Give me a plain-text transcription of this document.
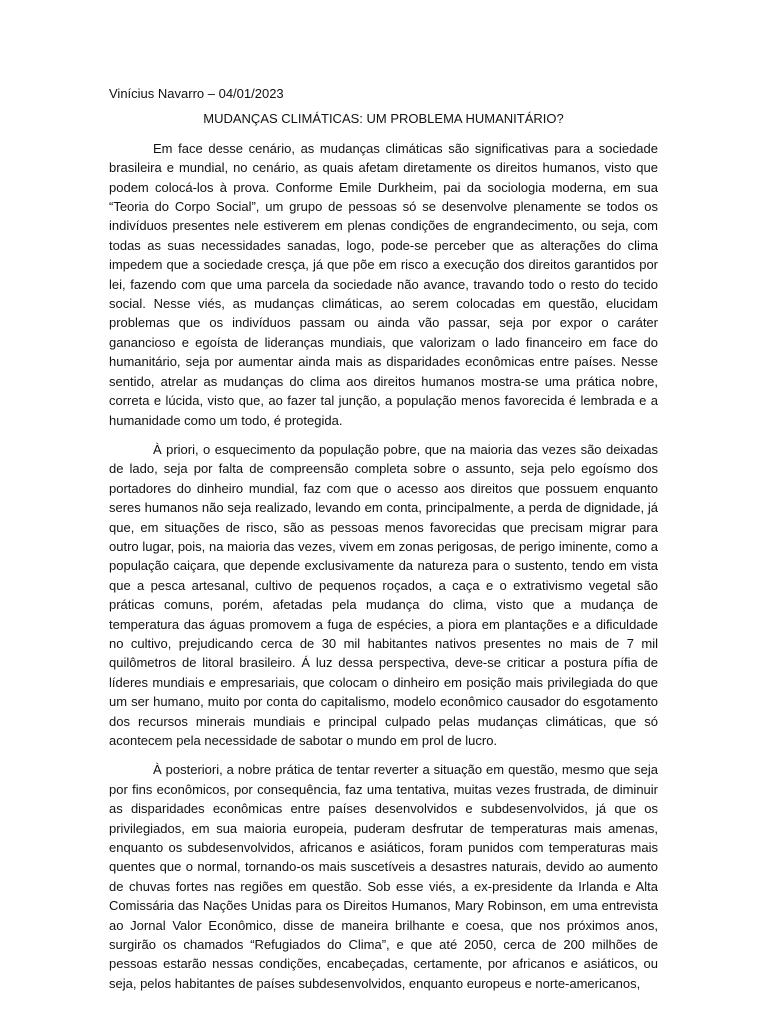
Vinícius Navarro – 04/01/2023

MUDANÇAS CLIMÁTICAS: UM PROBLEMA HUMANITÁRIO?

Em face desse cenário, as mudanças climáticas são significativas para a sociedade brasileira e mundial, no cenário, as quais afetam diretamente os direitos humanos, visto que podem colocá-los à prova. Conforme Emile Durkheim, pai da sociologia moderna, em sua “Teoria do Corpo Social”, um grupo de pessoas só se desenvolve plenamente se todos os indivíduos presentes nele estiverem em plenas condições de engrandecimento, ou seja, com todas as suas necessidades sanadas, logo, pode-se perceber que as alterações do clima impedem que a sociedade cresça, já que põe em risco a execução dos direitos garantidos por lei, fazendo com que uma parcela da sociedade não avance, travando todo o resto do tecido social. Nesse viés, as mudanças climáticas, ao serem colocadas em questão, elucidam problemas que os indivíduos passam ou ainda vão passar, seja por expor o caráter ganancioso e egoísta de lideranças mundiais, que valorizam o lado financeiro em face do humanitário, seja por aumentar ainda mais as disparidades econômicas entre países. Nesse sentido, atrelar as mudanças do clima aos direitos humanos mostra-se uma prática nobre, correta e lúcida, visto que, ao fazer tal junção, a população menos favorecida é lembrada e a humanidade como um todo, é protegida.

À priori, o esquecimento da população pobre, que na maioria das vezes são deixadas de lado, seja por falta de compreensão completa sobre o assunto, seja pelo egoísmo dos portadores do dinheiro mundial, faz com que o acesso aos direitos que possuem enquanto seres humanos não seja realizado, levando em conta, principalmente, a perda de dignidade, já que, em situações de risco, são as pessoas menos favorecidas que precisam migrar para outro lugar, pois, na maioria das vezes, vivem em zonas perigosas, de perigo iminente, como a população caiçara, que depende exclusivamente da natureza para o sustento, tendo em vista que a pesca artesanal, cultivo de pequenos roçados, a caça e o extrativismo vegetal são práticas comuns, porém, afetadas pela mudança do clima, visto que a mudança de temperatura das águas promovem a fuga de espécies, a piora em plantações e a dificuldade no cultivo, prejudicando cerca de 30 mil habitantes nativos presentes no mais de 7 mil quilômetros de litoral brasileiro. Á luz dessa perspectiva, deve-se criticar a postura pífia de líderes mundiais e empresariais, que colocam o dinheiro em posição mais privilegiada do que um ser humano, muito por conta do capitalismo, modelo econômico causador do esgotamento dos recursos minerais mundiais e principal culpado pelas mudanças climáticas, que só acontecem pela necessidade de sabotar o mundo em prol de lucro.

À posteriori, a nobre prática de tentar reverter a situação em questão, mesmo que seja por fins econômicos, por consequência, faz uma tentativa, muitas vezes frustrada, de diminuir as disparidades econômicas entre países desenvolvidos e subdesenvolvidos, já que os privilegiados, em sua maioria europeia, puderam desfrutar de temperaturas mais amenas, enquanto os subdesenvolvidos, africanos e asiáticos, foram punidos com temperaturas mais quentes que o normal, tornando-os mais suscetíveis a desastres naturais, devido ao aumento de chuvas fortes nas regiões em questão. Sob esse viés, a ex-presidente da Irlanda e Alta Comissária das Nações Unidas para os Direitos Humanos, Mary Robinson, em uma entrevista ao Jornal Valor Econômico, disse de maneira brilhante e coesa, que nos próximos anos, surgirão os chamados “Refugiados do Clima”, e que até 2050, cerca de 200 milhões de pessoas estarão nessas condições, encabeçadas, certamente, por africanos e asiáticos, ou seja, pelos habitantes de países subdesenvolvidos, enquanto europeus e norte-americanos,
